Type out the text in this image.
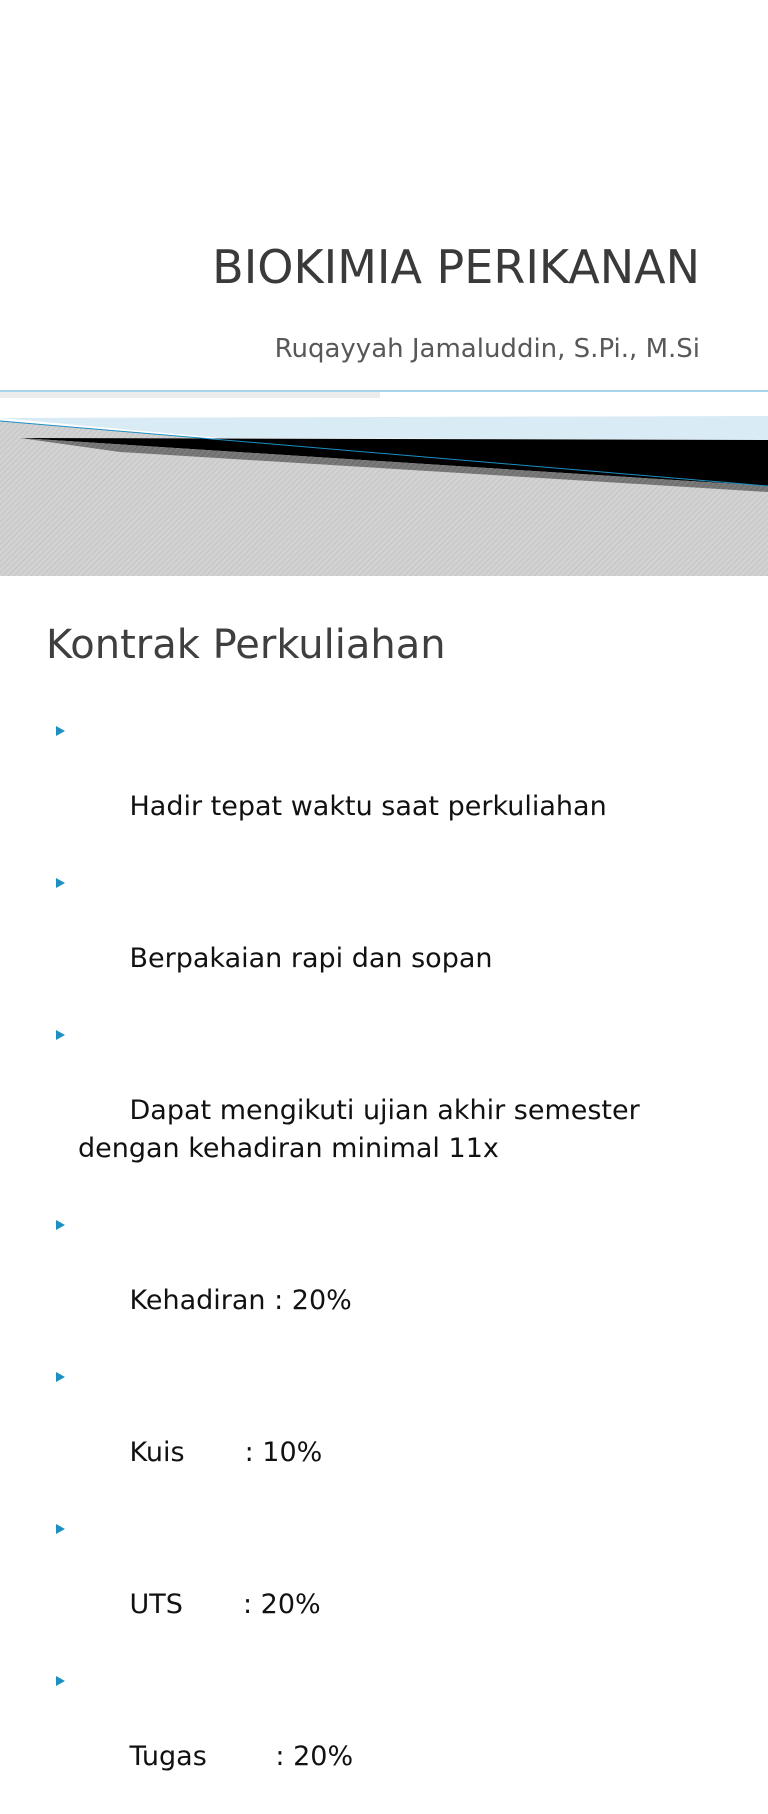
BIOKIMIA PERIKANAN
Ruqayyah Jamaluddin, S.Pi., M.Si
Kontrak Perkuliahan

Hadir tepat waktu saat perkuliahan

Berpakaian rapi dan sopan

Dapat mengikuti ujian akhir semester dengan kehadiran minimal 11x

Kehadiran : 20%

Kuis       : 10%

UTS       : 20%

Tugas        : 20%
